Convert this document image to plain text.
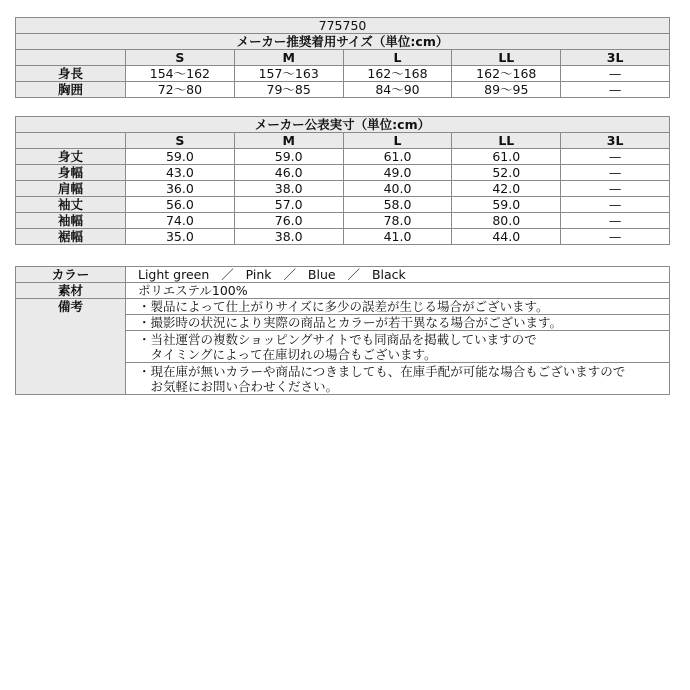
775750					
メーカー推奨着用サイズ（単位:cm）					
	S	M	L	LL	3L
身長	154〜162	157〜163	162〜168	162〜168	—
胸囲	72〜80	79〜85	84〜90	89〜95	—
メーカー公表実寸（単位:cm）					
	S	M	L	LL	3L
身丈	59.0	59.0	61.0	61.0	—
身幅	43.0	46.0	49.0	52.0	—
肩幅	36.0	38.0	40.0	42.0	—
袖丈	56.0	57.0	58.0	59.0	—
袖幅	74.0	76.0	78.0	80.0	—
裾幅	35.0	38.0	41.0	44.0	—
カラー	Light green ／ Pink ／ Blue ／ Black
素材	ポリエステル100%
備考	・製品によって仕上がりサイズに多少の誤差が生じる場合がございます。

	・撮影時の状況により実際の商品とカラーが若干異なる場合がございます。

	・当社運営の複数ショッピングサイトでも同商品を掲載していますので
　タイミングによって在庫切れの場合もございます。

	・現在庫が無いカラーや商品につきましても、在庫手配が可能な場合もございますので
　お気軽にお問い合わせください。
